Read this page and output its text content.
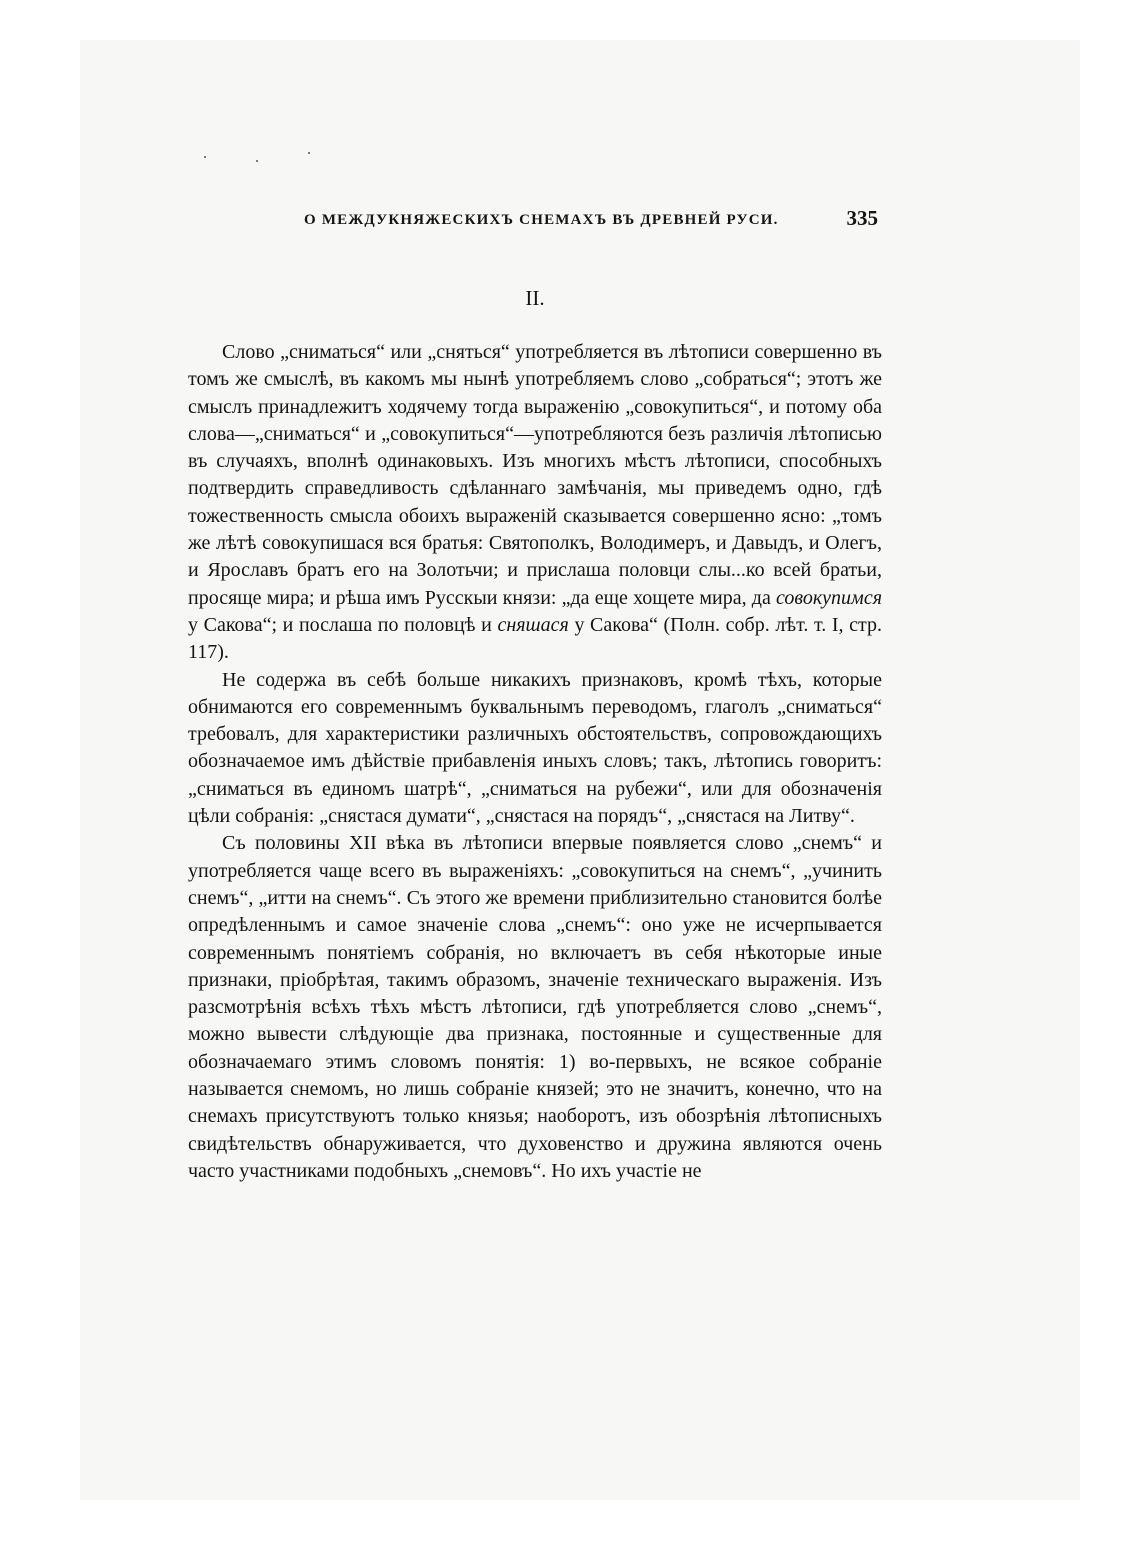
О МЕЖДУКНЯЖЕСКИХЪ СНЕМАХЪ ВЪ ДРЕВНЕЙ РУСИ.	335
II.

Слово „сниматься“ или „сняться“ употребляется въ лѣтописи совершенно въ томъ же смыслѣ, въ какомъ мы нынѣ употребляемъ слово „собраться“; этотъ же смыслъ принадлежитъ ходячему тогда выраженію „совокупиться“, и потому оба слова—„сниматься“ и „совокупиться“—употребляются безъ различія лѣтописью въ случаяхъ, вполнѣ одинаковыхъ. Изъ многихъ мѣстъ лѣтописи, способныхъ подтвердить справедливость сдѣланнаго замѣчанія, мы приведемъ одно, гдѣ тожественность смысла обоихъ выраженій сказывается совершенно ясно: „томъ же лѣтѣ совокупишася вся братья: Святополкъ, Володимеръ, и Давыдъ, и Олегъ, и Ярославъ братъ его на Золотьчи; и прислаша половци слы...ко всей братьи, просяще мира; и рѣша имъ Русскыи князи: „да еще хощете мира, да совокупимся у Сакова“; и послаша по половцѣ и сняшася у Сакова“ (Полн. собр. лѣт. т. I, стр. 117).

Не содержа въ себѣ больше никакихъ признаковъ, кромѣ тѣхъ, которые обнимаются его современнымъ буквальнымъ переводомъ, глаголъ „сниматься“ требовалъ, для характеристики различныхъ обстоятельствъ, сопровождающихъ обозначаемое имъ дѣйствіе прибавленія иныхъ словъ; такъ, лѣтопись говоритъ: „сниматься въ единомъ шатрѣ“, „сниматься на рубежи“, или для обозначенія цѣли собранія: „снястася думати“, „снястася на порядъ“, „снястася на Литву“.

Съ половины XII вѣка въ лѣтописи впервые появляется слово „снемъ“ и употребляется чаще всего въ выраженіяхъ: „совокупиться на снемъ“, „учинить снемъ“, „итти на снемъ“. Съ этого же времени приблизительно становится болѣе опредѣленнымъ и самое значеніе слова „снемъ“: оно уже не исчерпывается современнымъ понятіемъ собранія, но включаетъ въ себя нѣкоторые иные признаки, пріобрѣтая, такимъ образомъ, значеніе техническаго выраженія. Изъ разсмотрѣнія всѣхъ тѣхъ мѣстъ лѣтописи, гдѣ употребляется слово „снемъ“, можно вывести слѣдующіе два признака, постоянные и существенные для обозначаемаго этимъ словомъ понятія: 1) во-первыхъ, не всякое собраніе называется снемомъ, но лишь собраніе князей; это не значитъ, конечно, что на снемахъ присутствуютъ только князья; наоборотъ, изъ обозрѣнія лѣтописныхъ свидѣтельствъ обнаруживается, что духовенство и дружина являются очень часто участниками подобныхъ „снемовъ“. Но ихъ участіе не
